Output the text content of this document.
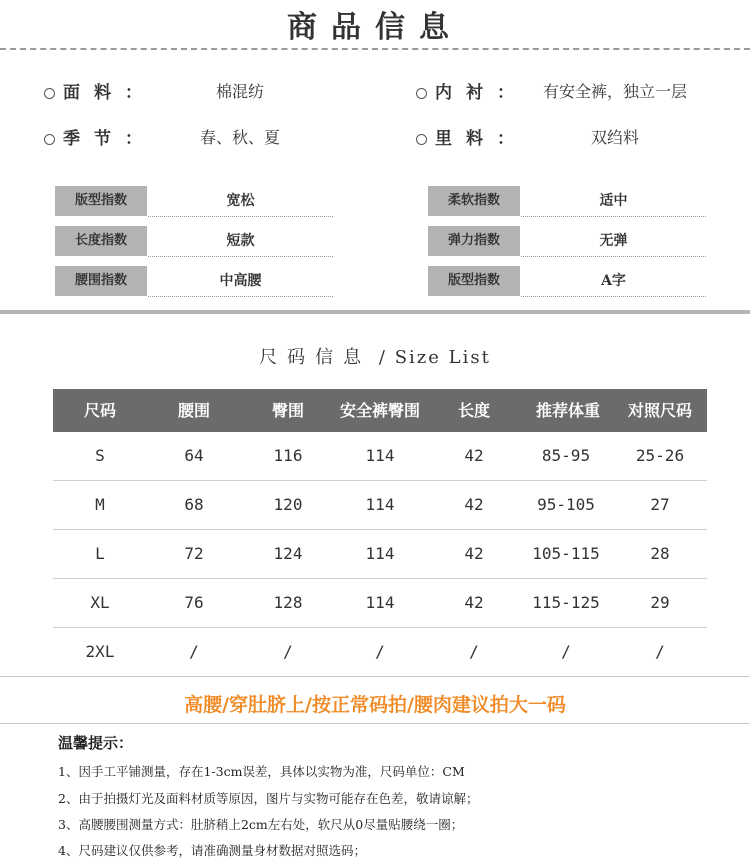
商品信息
面料：	棉混纺	内衬： 有安全裤，独立一层
季节：	春、秋、夏	里料：	双绉料
版型指数	宽松	柔软指数	适中
长度指数	短款	弹力指数	无弹
腰围指数	中高腰	版型指数	A字
尺码信息 / Size List
尺码	腰围	臀围	安全裤臀围	长度	推荐体重	对照尺码
S	64	116	114	42	85-95	25-26
M	68	120	114	42	95-105	27
L	72	124	114	42	105-115	28
XL	76	128	114	42	115-125	29
2XL	/	/	/	/	/	/
高腰/穿肚脐上/按正常码拍/腰肉建议拍大一码
温馨提示：
1、因手工平铺测量，存在1-3cm误差，具体以实物为准，尺码单位：CM
2、由于拍摄灯光及面料材质等原因，图片与实物可能存在色差，敬请谅解；
3、高腰腰围测量方式：肚脐稍上2cm左右处，软尺从0尽量贴腰绕一圈；
4、尺码建议仅供参考，请准确测量身材数据对照选码；
